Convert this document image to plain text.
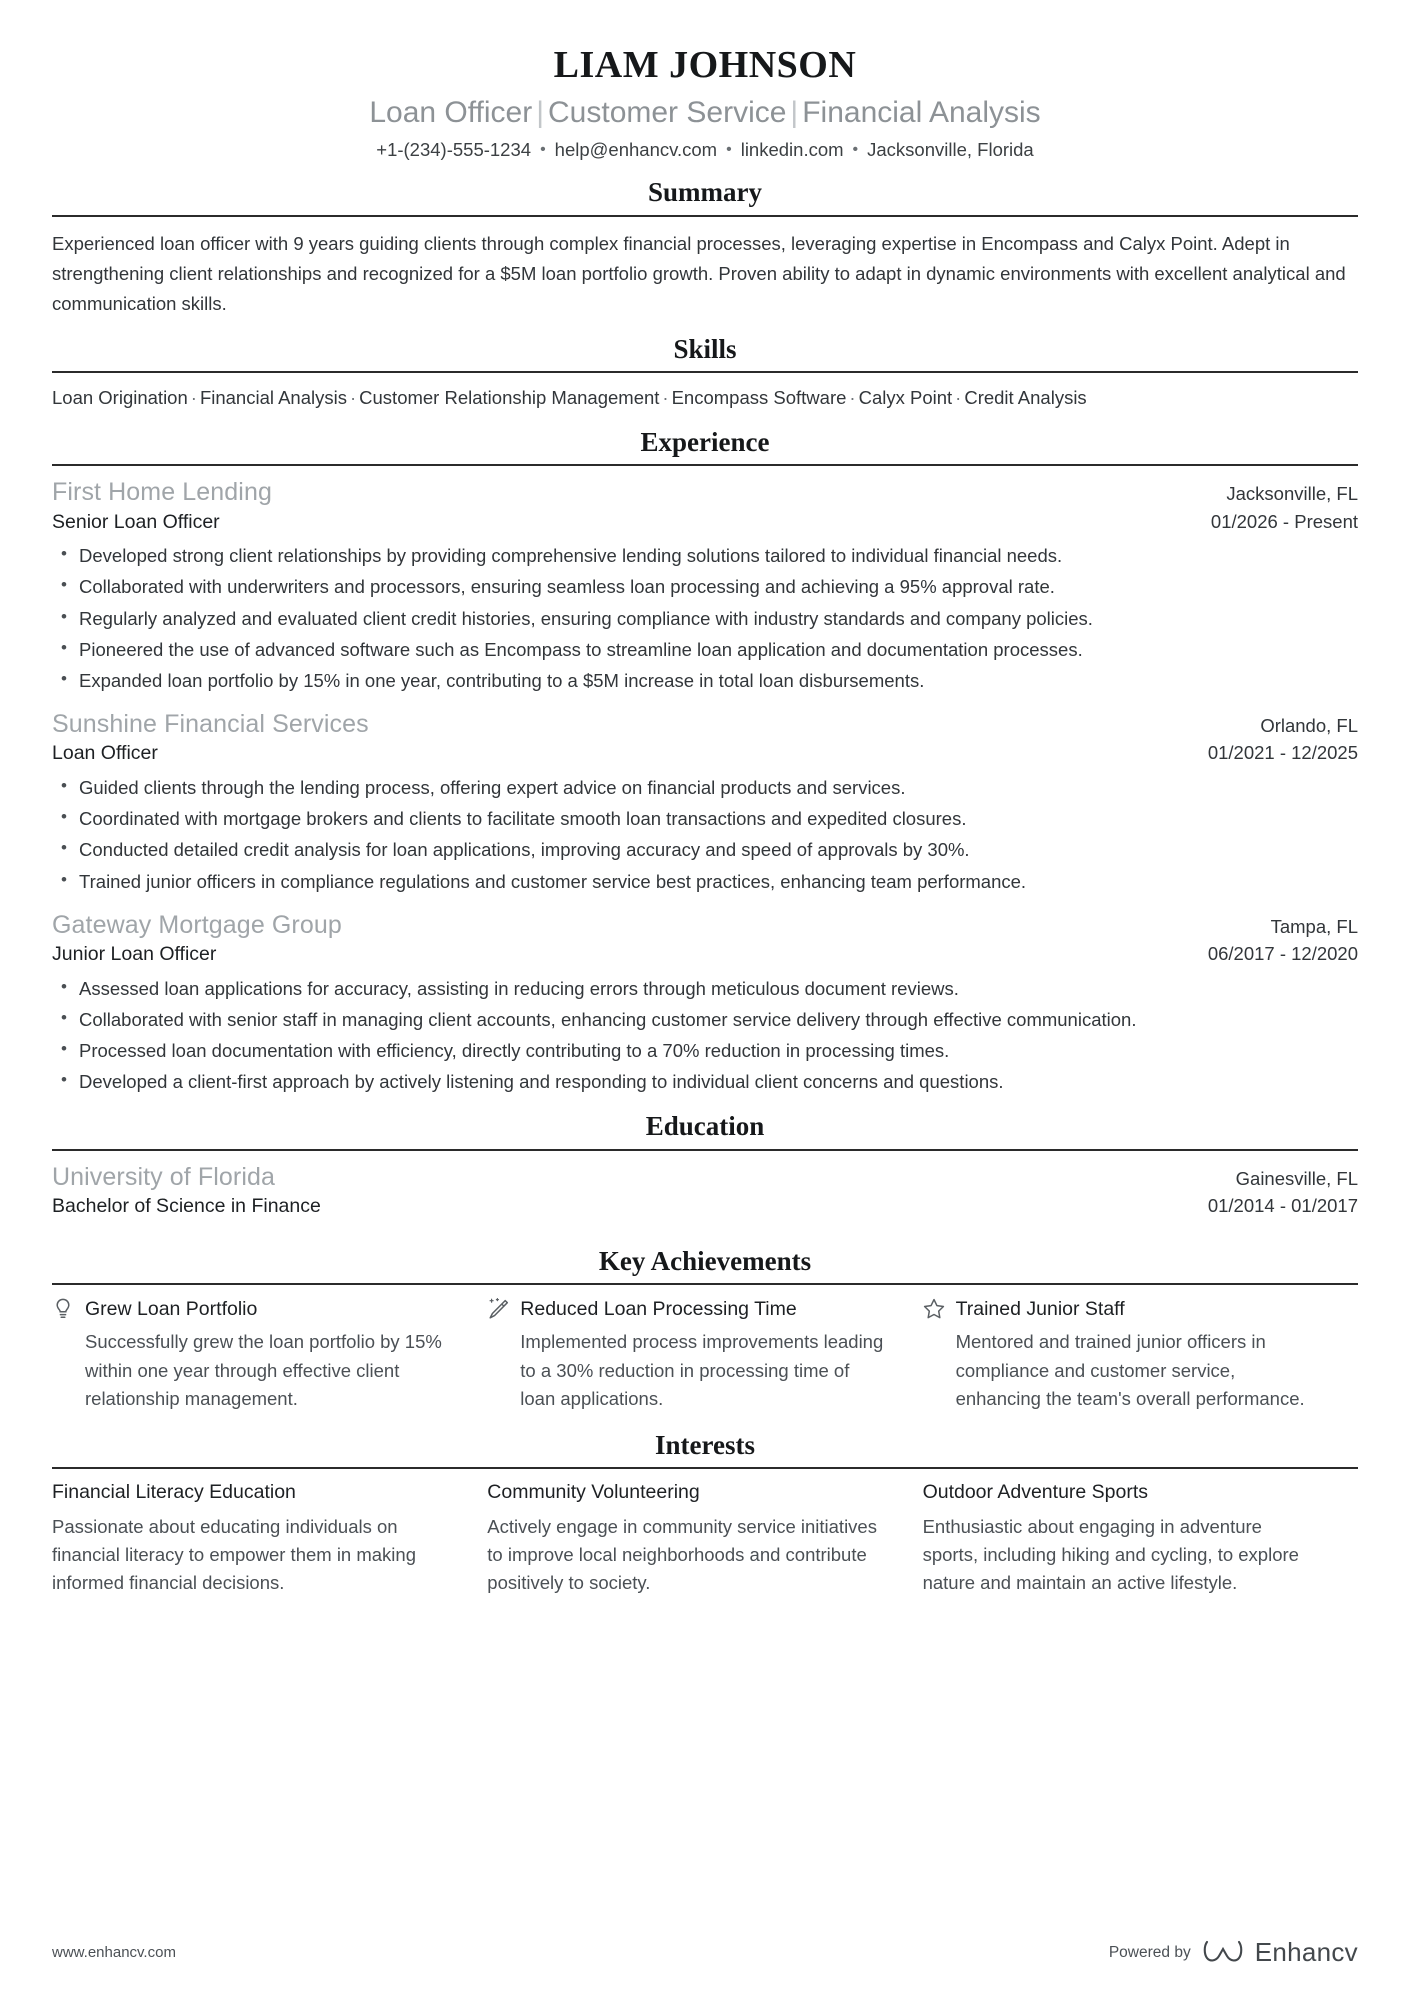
LIAM JOHNSON
Loan Officer | Customer Service | Financial Analysis
+1-(234)-555-1234 • help@enhancv.com • linkedin.com • Jacksonville, Florida
Summary
Experienced loan officer with 9 years guiding clients through complex financial processes, leveraging expertise in Encompass and Calyx Point. Adept in strengthening client relationships and recognized for a $5M loan portfolio growth. Proven ability to adapt in dynamic environments with excellent analytical and communication skills.
Skills
Loan Origination · Financial Analysis · Customer Relationship Management · Encompass Software · Calyx Point · Credit Analysis
Experience
First Home Lending	Jacksonville, FL
Senior Loan Officer	01/2026 - Present
• Developed strong client relationships by providing comprehensive lending solutions tailored to individual financial needs.
• Collaborated with underwriters and processors, ensuring seamless loan processing and achieving a 95% approval rate.
• Regularly analyzed and evaluated client credit histories, ensuring compliance with industry standards and company policies.
• Pioneered the use of advanced software such as Encompass to streamline loan application and documentation processes.
• Expanded loan portfolio by 15% in one year, contributing to a $5M increase in total loan disbursements.
Sunshine Financial Services	Orlando, FL
Loan Officer	01/2021 - 12/2025
• Guided clients through the lending process, offering expert advice on financial products and services.
• Coordinated with mortgage brokers and clients to facilitate smooth loan transactions and expedited closures.
• Conducted detailed credit analysis for loan applications, improving accuracy and speed of approvals by 30%.
• Trained junior officers in compliance regulations and customer service best practices, enhancing team performance.
Gateway Mortgage Group	Tampa, FL
Junior Loan Officer	06/2017 - 12/2020
• Assessed loan applications for accuracy, assisting in reducing errors through meticulous document reviews.
• Collaborated with senior staff in managing client accounts, enhancing customer service delivery through effective communication.
• Processed loan documentation with efficiency, directly contributing to a 70% reduction in processing times.
• Developed a client-first approach by actively listening and responding to individual client concerns and questions.
Education
University of Florida	Gainesville, FL
Bachelor of Science in Finance	01/2014 - 01/2017
Key Achievements
Grew Loan Portfolio
Successfully grew the loan portfolio by 15% within one year through effective client relationship management.
Reduced Loan Processing Time
Implemented process improvements leading to a 30% reduction in processing time of loan applications.
Trained Junior Staff
Mentored and trained junior officers in compliance and customer service, enhancing the team's overall performance.
Interests
Financial Literacy Education
Passionate about educating individuals on financial literacy to empower them in making informed financial decisions.
Community Volunteering
Actively engage in community service initiatives to improve local neighborhoods and contribute positively to society.
Outdoor Adventure Sports
Enthusiastic about engaging in adventure sports, including hiking and cycling, to explore nature and maintain an active lifestyle.
www.enhancv.com	Powered by Enhancv
